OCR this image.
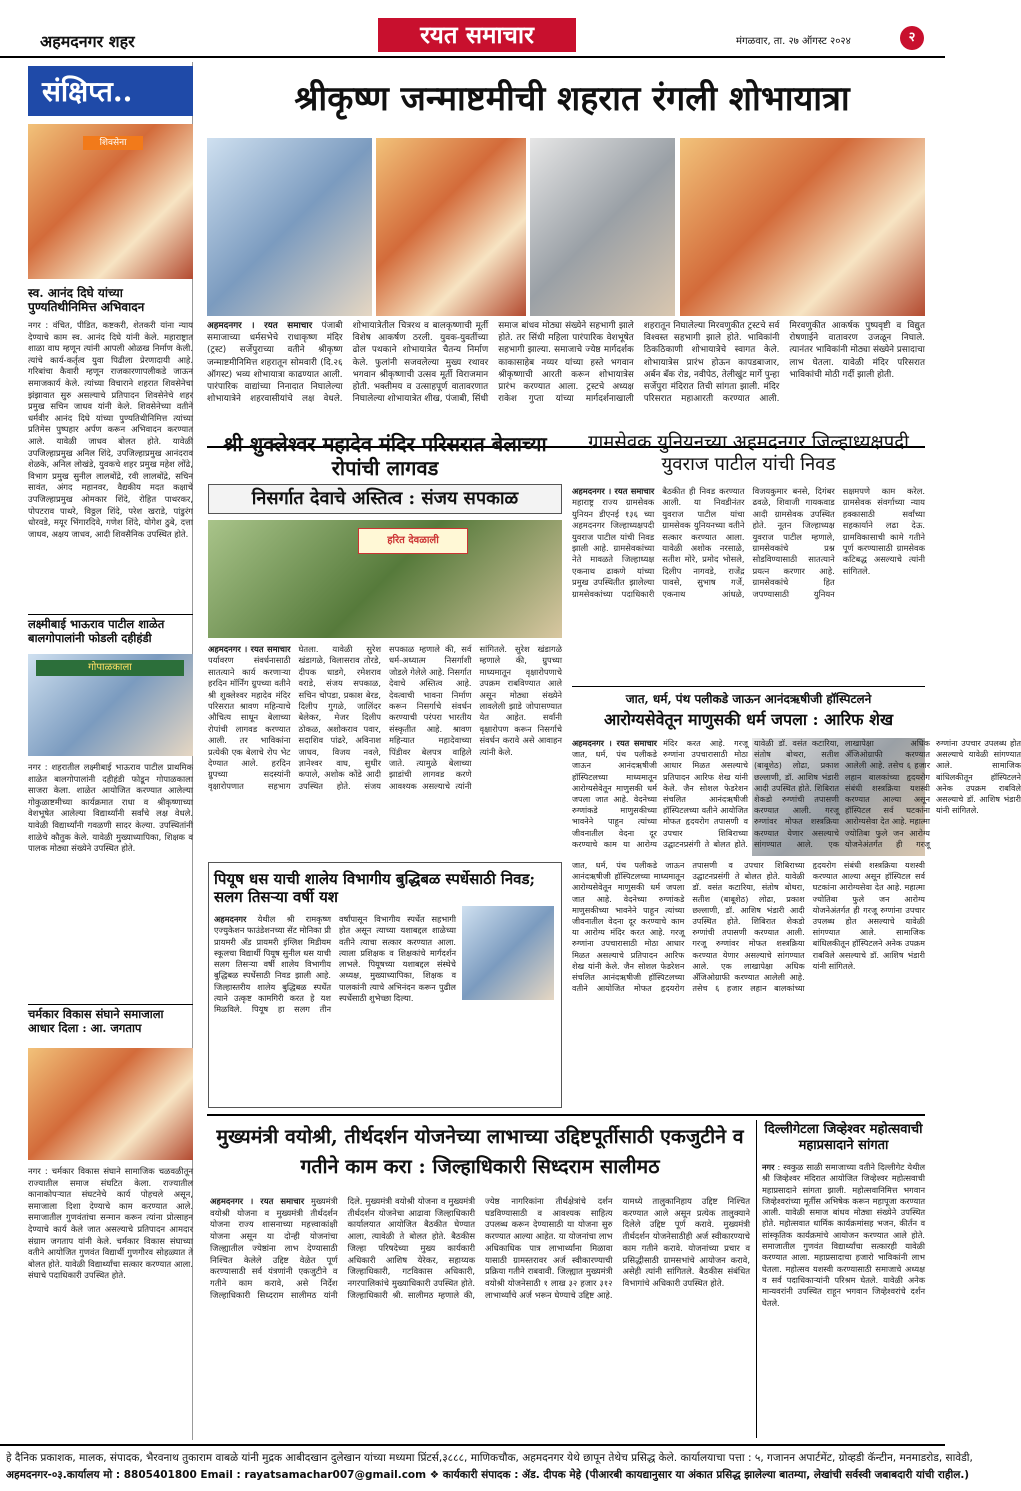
अहमदनगर शहर	रयत समाचार	मंगळवार, ता. २७ ऑगस्ट २०२४	२
संक्षिप्त..
शिवसेना
स्व. आनंद दिघे यांच्या पुण्यतिथीनिमित्त अभिवादन
नगर : वंचित, पीडित, कष्टकरी, शेतकरी यांना न्याय देण्याचे काम स्व. आनंद दिघे यांनी केले. महाराष्ट्रात शाळा वाघ म्हणून त्यांनी आपली ओळख निर्माण केली. त्यांचे कार्य-कर्तृत्व युवा पिढीला प्रेरणादायी आहे. गरिबांचा कैवारी म्हणून राजकारणापलीकडे जाऊन समाजकार्य केले. त्यांच्या विचाराने शहरात शिवसेनेचा झंझावात सुरु असल्याचे प्रतिपादन शिवसेनेचे शहर प्रमुख सचिन जाधव यांनी केले. शिवसेनेच्या वतीने धर्मवीर आनंद दिघे यांच्या पुण्यतिथीनिमित्त त्यांच्या प्रतिमेस पुष्पहार अर्पण करून अभिवादन करण्यात आले. यावेळी जाधव बोलत होते. यावेळी उपजिल्हाप्रमुख अनिल शिंदे, उपजिल्हाप्रमुख आनंदराव शेळके, अनिल लोखंडे, युवकचे शहर प्रमुख महेश लोंढे, विभाग प्रमुख सुनील लालबोंद्रे, रवी लालबोंद्रे, सचिन सावंत, अंगद महानवर, वैद्यकीय मदत कक्षाचे उपजिल्हाप्रमुख ओमकार शिंदे, रोहित पाथरकर, पोपटराव पाथरे, विठ्ठल शिंदे, परेश खराडे, पांडुरंग धोरवडे, मयूर भिंगारदिवे, गणेश शिंदे, योगेश ठुबे, दत्ता जाधव, अक्षय जाधव, आदी शिवसैनिक उपस्थित होते.
लक्ष्मीबाई भाऊराव पाटील शाळेत बालगोपालांनी फोडली दहीहंडी
गोपाळकाला
नगर : शहरातील लक्ष्मीबाई भाऊराव पाटील प्राथमिक शाळेत बालगोपालांनी दहीहंडी फोडून गोपाळकाला साजरा केला. शाळेत आयोजित करण्यात आलेल्या गोकुळाष्टमीच्या कार्यक्रमात राधा व श्रीकृष्णाच्या वेशभूषेत आलेल्या विद्यार्थ्यांनी सर्वांचे लक्ष वेधले. यावेळी विद्यार्थ्यांनी गवळणी सादर केल्या. उपस्थितांनी शाळेचे कौतुक केले. यावेळी मुख्याध्यापिका, शिक्षक व पालक मोठ्या संख्येने उपस्थित होते.
चर्मकार विकास संघाने समाजाला आधार दिला : आ. जगताप
नगर : चर्मकार विकास संघाने सामाजिक चळवळीतून राज्यातील समाज संघटित केला. राज्यातील कानाकोपऱ्यात संघटनेचे कार्य पोहचले असून, समाजाला दिशा देण्याचे काम करण्यात आले. समाजातील गुणवंतांचा सन्मान करून त्यांना प्रोत्साहन देण्याचे कार्य केले जात असल्याचे प्रतिपादन आमदार संग्राम जगताप यांनी केले. चर्मकार विकास संघाच्या वतीने आयोजित गुणवंत विद्यार्थी गुणगौरव सोहळ्यात ते बोलत होते. यावेळी विद्यार्थ्यांचा सत्कार करण्यात आला. संघाचे पदाधिकारी उपस्थित होते.
श्रीकृष्ण जन्माष्टमीची शहरात रंगली शोभायात्रा
अहमदनगर । रयत समाचार पंजाबी समाजाच्या धर्मसभेचे राधाकृष्ण मंदिर (ट्रस्ट) सर्जेपुराच्या वतीने श्रीकृष्ण जन्माष्टमीनिमित्त शहरातून सोमवारी (दि.२६ ऑगस्ट) भव्य शोभायात्रा काढण्यात आली. पारंपारिक वाद्यांच्या निनादात निघालेल्या शोभायात्रेने शहरवासीयांचे लक्ष वेधले. शोभायात्रेतील चित्ररथ व बालकृष्णाची मूर्ती विशेष आकर्षण ठरली. युवक-युवतींच्या ढोल पथकाने शोभायात्रेत चैतन्य निर्माण केले. फुलांनी सजवलेल्या मुख्य रथावर भगवान श्रीकृष्णाची उत्सव मूर्ती विराजमान होती. भक्तीमय व उत्साहपूर्ण वातावरणात निघालेल्या शोभायात्रेत शीख, पंजाबी, सिंधी समाज बांधव मोठ्या संख्येने सहभागी झाले होते. तर सिंधी महिला पारंपारिक वेशभूषेत सहभागी झाल्या. समाजाचे ज्येष्ठ मार्गदर्शक काकासाहेब नय्यर यांच्या हस्ते भगवान श्रीकृष्णाची आरती करून शोभायात्रेस प्रारंभ करण्यात आला. ट्रस्टचे अध्यक्ष राकेश गुप्ता यांच्या मार्गदर्शनाखाली शहरातून निघालेल्या मिरवणुकीत ट्रस्टचे सर्व विश्वस्त सहभागी झाले होते. भाविकांनी ठिकठिकाणी शोभायात्रेचे स्वागत केले. शोभायात्रेस प्रारंभ होऊन कापडबाजार, अर्बन बँक रोड, नवीपेठ, तेलीखुंट मार्गे पुन्हा सर्जेपुरा मंदिरात तिची सांगता झाली. मंदिर परिसरात महाआरती करण्यात आली. मिरवणुकीत आकर्षक पुष्पवृष्टी व विद्युत रोषणाईने वातावरण उजळून निघाले. त्यानंतर भाविकांनी मोठ्या संख्येने प्रसादाचा लाभ घेतला. यावेळी मंदिर परिसरात भाविकांची मोठी गर्दी झाली होती.
श्री शुक्लेश्वर महादेव मंदिर परिसरात बेलाच्या रोपांची लागवड
निसर्गात देवाचे अस्तित्व : संजय सपकाळ
हरित देवळाली
अहमदनगर । रयत समाचार पर्यावरण संवर्धनासाठी सातत्याने कार्य करणाऱ्या हरदिन मॉर्निंग ग्रुपच्या वतीने श्री शुक्लेश्वर महादेव मंदिर परिसरात श्रावण महिन्याचे औचित्य साधून बेलाच्या रोपांची लागवड करण्यात आली. तर भाविकांना प्रत्येकी एक बेलाचे रोप भेट देण्यात आले. हरदिन ग्रुपच्या सदस्यांनी वृक्षारोपणात सहभाग घेतला. यावेळी सुरेश खंडागळे, विलासराव तोरडे, दीपक धाडगे, रमेशराव वराडे, संजय सपकाळ, सचिन चोपडा, प्रकाश बेरड, दिलीप गुगळे, जालिंदर बेलेकर, मेजर दिलीप ठोकळ, अशोकराव पवार, सदाशिव पांढरे, अविनाश जाधव, विजय नवले, ज्ञानेश्वर वाघ, सुधीर कपाले, अशोक कोंडे आदी उपस्थित होते. संजय सपकाळ म्हणाले की, सर्व धर्म-अध्यात्म निसर्गाशी जोडले गेलेले आहे. निसर्गात देवाचे अस्तित्व आहे. देवत्वाची भावना निर्माण करून निसर्गाचे संवर्धन करण्याची परंपरा भारतीय संस्कृतीत आहे. श्रावण महिन्यात महादेवाच्या पिंडीवर बेलपत्र वाहिले जाते. त्यामुळे बेलाच्या झाडांची लागवड करणे आवश्यक असल्याचे त्यांनी सांगितले. सुरेश खंडागळे म्हणाले की, ग्रुपच्या माध्यमातून वृक्षारोपणाचे उपक्रम राबविण्यात आले असून मोठ्या संख्येने लावलेली झाडे जोपासण्यात येत आहेत. सर्वांनी वृक्षारोपण करून निसर्गाचे संवर्धन करावे असे आवाहन त्यांनी केले.
ग्रामसेवक युनियनच्या अहमदनगर जिल्हाध्यक्षपदी युवराज पाटील यांची निवड
अहमदनगर । रयत समाचार महाराष्ट्र राज्य ग्रामसेवक युनियन डीएनई १३६ च्या अहमदनगर जिल्हाध्यक्षपदी युवराज पाटील यांची निवड झाली आहे. ग्रामसेवकांच्या नेते मावळते जिल्हाध्यक्ष एकनाथ ढाकणे यांच्या प्रमुख उपस्थितीत झालेल्या ग्रामसेवकांच्या पदाधिकारी बैठकीत ही निवड करण्यात आली. या निवडीनंतर युवराज पाटील यांचा ग्रामसेवक युनियनच्या वतीने सत्कार करण्यात आला. यावेळी अशोक नरसाळे, सतीश मोरे, प्रमोद भोसले, दिलीप नागवडे, राजेंद्र पावसे, सुभाष गर्जे, एकनाथ आंधळे, विजयकुमार बनसे, दिगंबर ढवळे, शिवाजी गायकवाड आदी ग्रामसेवक उपस्थित होते. नूतन जिल्हाध्यक्ष युवराज पाटील म्हणाले, ग्रामसेवकांचे प्रश्न सोडविण्यासाठी सातत्याने प्रयत्न करणार आहे. ग्रामसेवकांचे हित जपण्यासाठी युनियन सक्षमपणे काम करेल. ग्रामसेवक संवर्गाच्या न्याय हक्कासाठी सर्वांच्या सहकार्याने लढा देऊ. ग्रामविकासाची कामे गतीने पूर्ण करण्यासाठी ग्रामसेवक कटिबद्ध असल्याचे त्यांनी सांगितले.
जात, धर्म, पंथ पलीकडे जाऊन आनंदऋषीजी हॉस्पिटलने
आरोग्यसेवेतून माणुसकी धर्म जपला : आरिफ शेख
अहमदनगर । रयत समाचार जात, धर्म, पंथ पलीकडे जाऊन आनंदऋषीजी हॉस्पिटलच्या माध्यमातून आरोग्यसेवेतून माणुसकी धर्म जपला जात आहे. वेदनेच्या रुग्णांकडे माणुसकीच्या भावनेने पाहून त्यांच्या जीवनातील वेदना दूर करण्याचे काम या आरोग्य मंदिर करत आहे. गरजू रुग्णांना उपचारासाठी मोठा आधार मिळत असल्याचे प्रतिपादन आरिफ शेख यांनी केले. जैन सोशल फेडरेशन संचलित आनंदऋषीजी हॉस्पिटलच्या वतीने आयोजित मोफत हृदयरोग तपासणी व उपचार शिबिराच्या उद्घाटनप्रसंगी ते बोलत होते. यावेळी डॉ. वसंत कटारिया, संतोष बोथरा, सतीश (बाबूशेठ) लोढा, प्रकाश छल्लाणी, डॉ. आशिष भंडारी आदी उपस्थित होते. शिबिरात शेकडो रुग्णांची तपासणी करण्यात आली. गरजू रुग्णांवर मोफत शस्त्रक्रिया करण्यात येणार असल्याचे सांगण्यात आले. एक लाखापेक्षा अधिक अँजिओग्राफी करण्यात आलेली आहे. तसेच ६ हजार लहान बालकांच्या हृदयरोग संबंधी शस्त्रक्रिया यशस्वी करण्यात आल्या असून हॉस्पिटल सर्व घटकांना आरोग्यसेवा देत आहे. महात्मा ज्योतिबा फुले जन आरोग्य योजनेअंतर्गत ही गरजू रुग्णांना उपचार उपलब्ध होत असल्याचे यावेळी सांगण्यात आले. सामाजिक बांधिलकीतून हॉस्पिटलने अनेक उपक्रम राबविले असल्याचे डॉ. आशिष भंडारी यांनी सांगितले.
जात, धर्म, पंथ पलीकडे जाऊन आनंदऋषीजी हॉस्पिटलच्या माध्यमातून आरोग्यसेवेतून माणुसकी धर्म जपला जात आहे. वेदनेच्या रुग्णांकडे माणुसकीच्या भावनेने पाहून त्यांच्या जीवनातील वेदना दूर करण्याचे काम या आरोग्य मंदिर करत आहे. गरजू रुग्णांना उपचारासाठी मोठा आधार मिळत असल्याचे प्रतिपादन आरिफ शेख यांनी केले. जैन सोशल फेडरेशन संचलित आनंदऋषीजी हॉस्पिटलच्या वतीने आयोजित मोफत हृदयरोग तपासणी व उपचार शिबिराच्या उद्घाटनप्रसंगी ते बोलत होते. यावेळी डॉ. वसंत कटारिया, संतोष बोथरा, सतीश (बाबूशेठ) लोढा, प्रकाश छल्लाणी, डॉ. आशिष भंडारी आदी उपस्थित होते. शिबिरात शेकडो रुग्णांची तपासणी करण्यात आली. गरजू रुग्णांवर मोफत शस्त्रक्रिया करण्यात येणार असल्याचे सांगण्यात आले. एक लाखापेक्षा अधिक अँजिओग्राफी करण्यात आलेली आहे. तसेच ६ हजार लहान बालकांच्या हृदयरोग संबंधी शस्त्रक्रिया यशस्वी करण्यात आल्या असून हॉस्पिटल सर्व घटकांना आरोग्यसेवा देत आहे. महात्मा ज्योतिबा फुले जन आरोग्य योजनेअंतर्गत ही गरजू रुग्णांना उपचार उपलब्ध होत असल्याचे यावेळी सांगण्यात आले. सामाजिक बांधिलकीतून हॉस्पिटलने अनेक उपक्रम राबविले असल्याचे डॉ. आशिष भंडारी यांनी सांगितले.
पियूष धस याची शालेय विभागीय बुद्धिबळ स्पर्धेसाठी निवड; सलग तिसऱ्या वर्षी यश
अहमदनगर येथील श्री रामकृष्ण एज्युकेशन फाउंडेशनच्या सेंट मोनिका प्री प्रायमरी अँड प्रायमरी इंग्लिश मिडीयम स्कूलचा विद्यार्थी पियूष सुनील धस याची सलग तिसऱ्या वर्षी शालेय विभागीय बुद्धिबळ स्पर्धेसाठी निवड झाली आहे. जिल्हास्तरीय शालेय बुद्धिबळ स्पर्धेत त्याने उत्कृष्ट कामगिरी करत हे यश मिळविले. पियूष हा सलग तीन वर्षांपासून विभागीय स्पर्धेत सहभागी होत असून त्याच्या यशाबद्दल शाळेच्या वतीने त्याचा सत्कार करण्यात आला. त्याला प्रशिक्षक व शिक्षकांचे मार्गदर्शन लाभले. पियूषच्या यशाबद्दल संस्थेचे अध्यक्ष, मुख्याध्यापिका, शिक्षक व पालकांनी त्याचे अभिनंदन करून पुढील स्पर्धेसाठी शुभेच्छा दिल्या.
मुख्यमंत्री वयोश्री, तीर्थदर्शन योजनेच्या लाभाच्या उद्दिष्टपूर्तीसाठी एकजुटीने व गतीने काम करा : जिल्हाधिकारी सिध्दराम सालीमठ
अहमदनगर । रयत समाचार मुख्यमंत्री वयोश्री योजना व मुख्यमंत्री तीर्थदर्शन योजना राज्य शासनाच्या महत्त्वाकांक्षी योजना असून या दोन्ही योजनांचा जिल्ह्यातील ज्येष्ठांना लाभ देण्यासाठी निश्चित केलेले उद्दिष्ट वेळेत पूर्ण करण्यासाठी सर्व यंत्रणांनी एकजुटीने व गतीने काम करावे, असे निर्देश जिल्हाधिकारी सिध्दराम सालीमठ यांनी दिले. मुख्यमंत्री वयोश्री योजना व मुख्यमंत्री तीर्थदर्शन योजनेचा आढावा जिल्हाधिकारी कार्यालयात आयोजित बैठकीत घेण्यात आला, त्यावेळी ते बोलत होते. बैठकीस जिल्हा परिषदेच्या मुख्य कार्यकारी अधिकारी आशिष येरेकर, सहाय्यक जिल्हाधिकारी, गटविकास अधिकारी, नगरपालिकांचे मुख्याधिकारी उपस्थित होते. जिल्हाधिकारी श्री. सालीमठ म्हणाले की, ज्येष्ठ नागरिकांना तीर्थक्षेत्रांचे दर्शन घडविण्यासाठी व आवश्यक साहित्य उपलब्ध करून देण्यासाठी या योजना सुरु करण्यात आल्या आहेत. या योजनांचा लाभ अधिकाधिक पात्र लाभार्थ्यांना मिळावा यासाठी ग्रामस्तरावर अर्ज स्वीकारण्याची प्रक्रिया गतीने राबवावी. जिल्ह्यात मुख्यमंत्री वयोश्री योजनेसाठी १ लाख ३२ हजार ३१२ लाभार्थ्यांचे अर्ज भरून घेण्याचे उद्दिष्ट आहे. यामध्ये तालुकानिहाय उद्दिष्ट निश्चित करण्यात आले असून प्रत्येक तालुक्याने दिलेले उद्दिष्ट पूर्ण करावे. मुख्यमंत्री तीर्थदर्शन योजनेसाठीही अर्ज स्वीकारण्याचे काम गतीने करावे. योजनांच्या प्रचार व प्रसिद्धीसाठी ग्रामसभांचे आयोजन करावे, असेही त्यांनी सांगितले. बैठकीस संबंधित विभागांचे अधिकारी उपस्थित होते.
दिल्लीगेटला जिव्हेश्वर महोत्सवाची महाप्रसादाने सांगता
नगर : स्वकुळ साळी समाजाच्या वतीने दिल्लीगेट येथील श्री जिव्हेश्वर मंदिरात आयोजित जिव्हेश्वर महोत्सवाची महाप्रसादाने सांगता झाली. महोत्सवानिमित्त भगवान जिव्हेश्वरांच्या मूर्तीस अभिषेक करून महापूजा करण्यात आली. यावेळी समाज बांधव मोठ्या संख्येने उपस्थित होते. महोत्सवात धार्मिक कार्यक्रमांसह भजन, कीर्तन व सांस्कृतिक कार्यक्रमांचे आयोजन करण्यात आले होते. समाजातील गुणवंत विद्यार्थ्यांचा सत्कारही यावेळी करण्यात आला. महाप्रसादाचा हजारो भाविकांनी लाभ घेतला. महोत्सव यशस्वी करण्यासाठी समाजाचे अध्यक्ष व सर्व पदाधिकाऱ्यांनी परिश्रम घेतले. यावेळी अनेक मान्यवरांनी उपस्थित राहून भगवान जिव्हेश्वरांचे दर्शन घेतले.
हे दैनिक प्रकाशक, मालक, संपादक, भैरवनाथ तुकाराम वाबळे यांनी मुद्रक आबीदखान दुलेखान यांच्या मध्यमा प्रिंटर्स,३८८८, माणिकचौक, अहमदनगर येथे छापून तेथेच प्रसिद्ध केले. कार्यालयाचा पत्ता : ५, गजानन अपार्टमेंट, ग्रोव्हडी कॅन्टीन, मनमाडरोड, सावेडी,
अहमदनगर-०३.कार्यालय मो : 8805401800 Email : rayatsamachar007@gmail.com ❖ कार्यकारी संपादक : ॲड. दीपक मेहे (पीआरबी कायद्यानुसार या अंकात प्रसिद्ध झालेल्या बातम्या, लेखांची सर्वस्वी जबाबदारी यांची राहील.)
